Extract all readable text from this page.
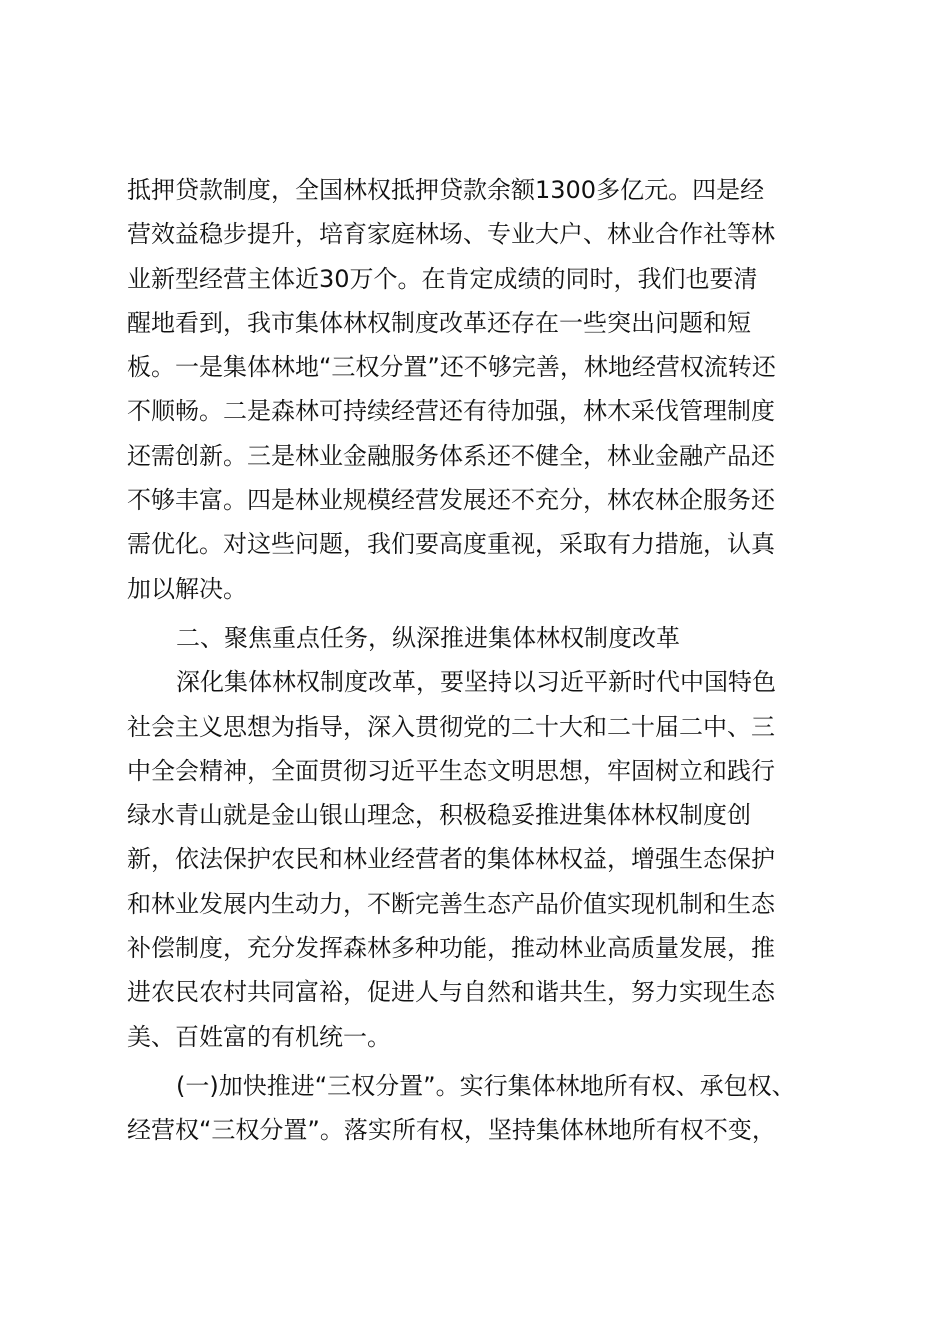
抵押贷款制度，全国林权抵押贷款余额1300多亿元。四是经
营效益稳步提升，培育家庭林场、专业大户、林业合作社等林
业新型经营主体近30万个。在肯定成绩的同时，我们也要清
醒地看到，我市集体林权制度改革还存在一些突出问题和短
板。一是集体林地“三权分置”还不够完善，林地经营权流转还
不顺畅。二是森林可持续经营还有待加强，林木采伐管理制度
还需创新。三是林业金融服务体系还不健全，林业金融产品还
不够丰富。四是林业规模经营发展还不充分，林农林企服务还
需优化。对这些问题，我们要高度重视，采取有力措施，认真
加以解决。
二、聚焦重点任务，纵深推进集体林权制度改革
深化集体林权制度改革，要坚持以习近平新时代中国特色
社会主义思想为指导，深入贯彻党的二十大和二十届二中、三
中全会精神，全面贯彻习近平生态文明思想，牢固树立和践行
绿水青山就是金山银山理念，积极稳妥推进集体林权制度创
新，依法保护农民和林业经营者的集体林权益，增强生态保护
和林业发展内生动力，不断完善生态产品价值实现机制和生态
补偿制度，充分发挥森林多种功能，推动林业高质量发展，推
进农民农村共同富裕，促进人与自然和谐共生，努力实现生态
美、百姓富的有机统一。
(一)加快推进“三权分置”。实行集体林地所有权、承包权、
经营权“三权分置”。落实所有权，坚持集体林地所有权不变，
